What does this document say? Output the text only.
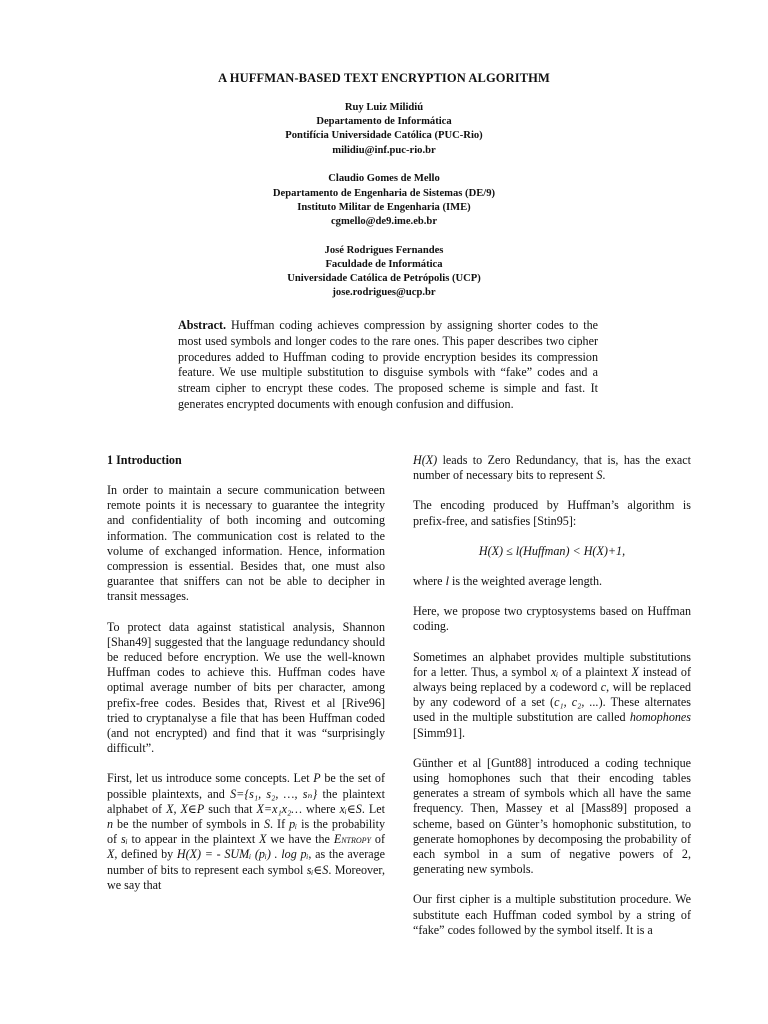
A HUFFMAN-BASED TEXT ENCRYPTION ALGORITHM
Ruy Luiz Milidiú
Departamento de Informática
Pontifícia Universidade Católica (PUC-Rio)
milidiu@inf.puc-rio.br
Claudio Gomes de Mello
Departamento de Engenharia de Sistemas (DE/9)
Instituto Militar de Engenharia (IME)
cgmello@de9.ime.eb.br
José Rodrigues Fernandes
Faculdade de Informática
Universidade Católica de Petrópolis (UCP)
jose.rodrigues@ucp.br
Abstract. Huffman coding achieves compression by assigning shorter codes to the most used symbols and longer codes to the rare ones. This paper describes two cipher procedures added to Huffman coding to provide encryption besides its compression feature. We use multiple substitution to disguise symbols with “fake” codes and a stream cipher to encrypt these codes. The proposed scheme is simple and fast. It generates encrypted documents with enough confusion and diffusion.
1 Introduction

In order to maintain a secure communication between remote points it is necessary to guarantee the integrity and confidentiality of both incoming and outcoming information. The communication cost is related to the volume of exchanged information. Hence, information compression is essential. Besides that, one must also guarantee that sniffers can not be able to decipher in transit messages.

To protect data against statistical analysis, Shannon [Shan49] suggested that the language redundancy should be reduced before encryption. We use the well-known Huffman codes to achieve this. Huffman codes have optimal average number of bits per character, among prefix-free codes. Besides that, Rivest et al [Rive96] tried to cryptanalyse a file that has been Huffman coded (and not encrypted) and find that it was “surprisingly difficult”.

First, let us introduce some concepts. Let P be the set of possible plaintexts, and S={s₁, s₂, …, sₙ} the plaintext alphabet of X, X∈P such that X=x₁x₂… where xᵢ∈S. Let n be the number of symbols in S. If pᵢ is the probability of sᵢ to appear in the plaintext X we have the Entropy of X, defined by H(X) = - SUMᵢ (pᵢ) . log pᵢ, as the average number of bits to represent each symbol sᵢ∈S. Moreover, we say that

H(X) leads to Zero Redundancy, that is, has the exact number of necessary bits to represent S.

The encoding produced by Huffman’s algorithm is prefix-free, and satisfies [Stin95]:

H(X) ≤ l(Huffman) < H(X)+1,

where l is the weighted average length.

Here, we propose two cryptosystems based on Huffman coding.

Sometimes an alphabet provides multiple substitutions for a letter. Thus, a symbol xᵢ of a plaintext X instead of always being replaced by a codeword c, will be replaced by any codeword of a set (c₁, c₂, ...). These alternates used in the multiple substitution are called homophones [Simm91].

Günther et al [Gunt88] introduced a coding technique using homophones such that their encoding tables generates a stream of symbols which all have the same frequency. Then, Massey et al [Mass89] proposed a scheme, based on Günter’s homophonic substitution, to generate homophones by decomposing the probability of each symbol in a sum of negative powers of 2, generating new symbols.

Our first cipher is a multiple substitution procedure. We substitute each Huffman coded symbol by a string of “fake” codes followed by the symbol itself. It is a
